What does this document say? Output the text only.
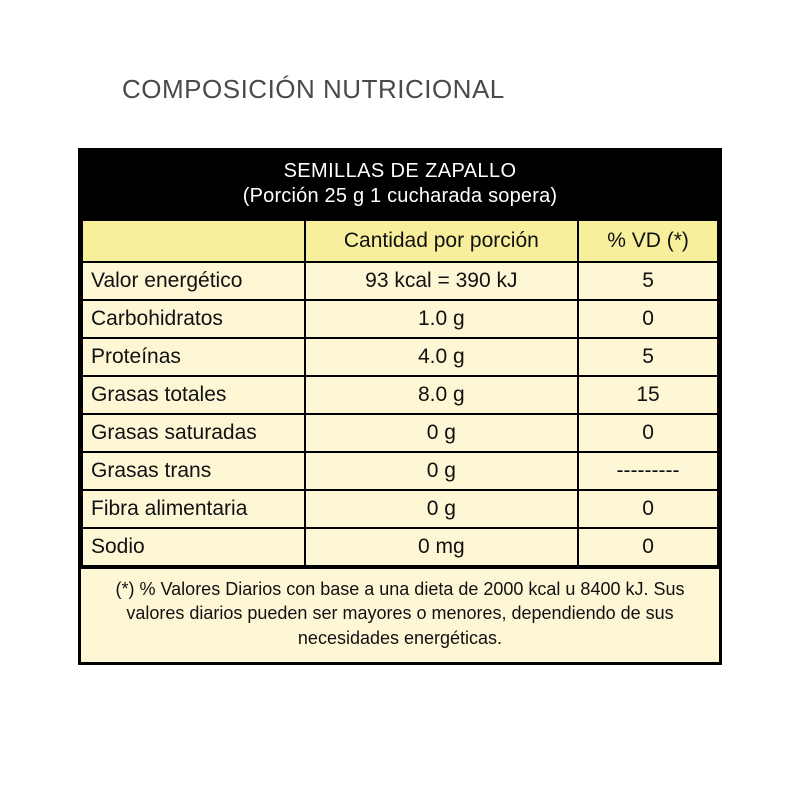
COMPOSICIÓN NUTRICIONAL
SEMILLAS DE ZAPALLO
(Porción 25 g 1 cucharada sopera)
	Cantidad por porción	% VD (*)
Valor energético	93 kcal = 390 kJ	5
Carbohidratos	1.0 g	0
Proteínas	4.0 g	5
Grasas totales	8.0 g	15
Grasas saturadas	0 g	0
Grasas trans	0 g	---------
Fibra alimentaria	0 g	0
Sodio	0 mg	0
(*) % Valores Diarios con base a una dieta de 2000 kcal u 8400 kJ. Sus valores diarios pueden ser mayores o menores, dependiendo de sus necesidades energéticas.
